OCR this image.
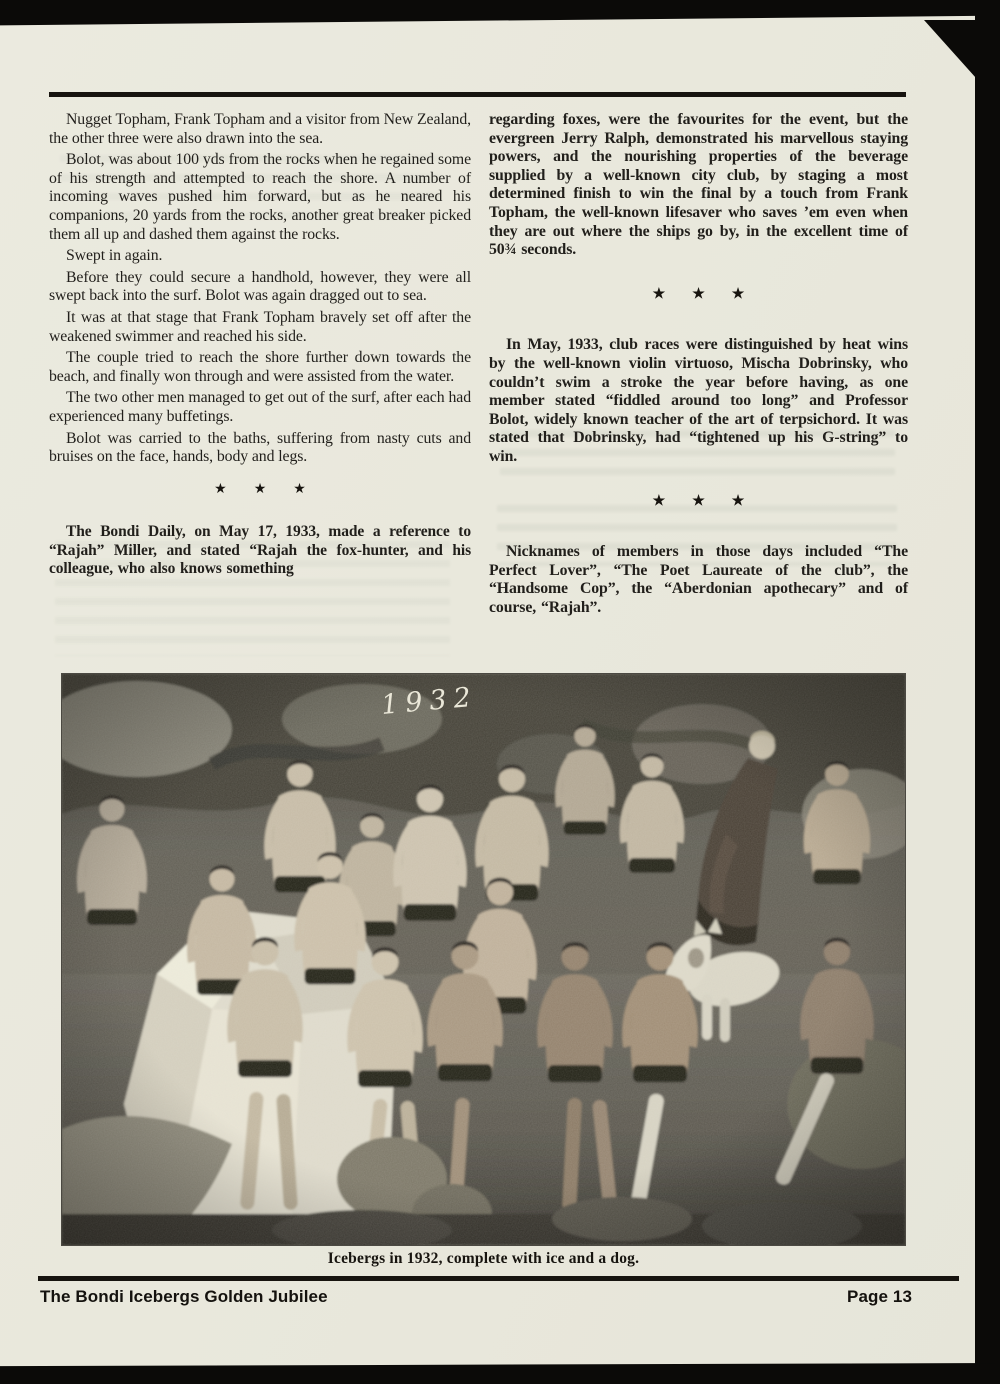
Nugget Topham, Frank Topham and a visitor from New Zealand, the other three were also drawn into the sea.

Bolot, was about 100 yds from the rocks when he regained some of his strength and attempted to reach the shore. A number of incoming waves pushed him forward, but as he neared his companions, 20 yards from the rocks, another great breaker picked them all up and dashed them against the rocks.

Swept in again.

Before they could secure a handhold, however, they were all swept back into the surf. Bolot was again dragged out to sea.

It was at that stage that Frank Topham bravely set off after the weakened swimmer and reached his side.

The couple tried to reach the shore further down towards the beach, and finally won through and were assisted from the water.

The two other men managed to get out of the surf, after each had experienced many buffetings.

Bolot was carried to the baths, suffering from nasty cuts and bruises on the face, hands, body and legs.

★★★

The Bondi Daily, on May 17, 1933, made a reference to “Rajah” Miller, and stated “Rajah the fox-hunter, and his colleague, who also knows something

regarding foxes, were the favourites for the event, but the evergreen Jerry Ralph, demonstrated his marvellous staying powers, and the nourishing properties of the beverage supplied by a well-known city club, by staging a most determined finish to win the final by a touch from Frank Topham, the well-known lifesaver who saves ’em even when they are out where the ships go by, in the excellent time of 50¾ seconds.

★★★

In May, 1933, club races were distinguished by heat wins by the well-known violin virtuoso, Mischa Dobrinsky, who couldn’t swim a stroke the year before having, as one member stated “fiddled around too long” and Professor Bolot, widely known teacher of the art of terpsichord. It was stated that Dobrinsky, had “tightened up his G-string” to win.

★★★

Nicknames of members in those days included “The Perfect Lover”, “The Poet Laureate of the club”, the “Handsome Cop”, the “Aberdonian apothecary” and of course, “Rajah”.

1932
Icebergs in 1932, complete with ice and a dog.
The Bondi Icebergs Golden Jubilee	Page 13
